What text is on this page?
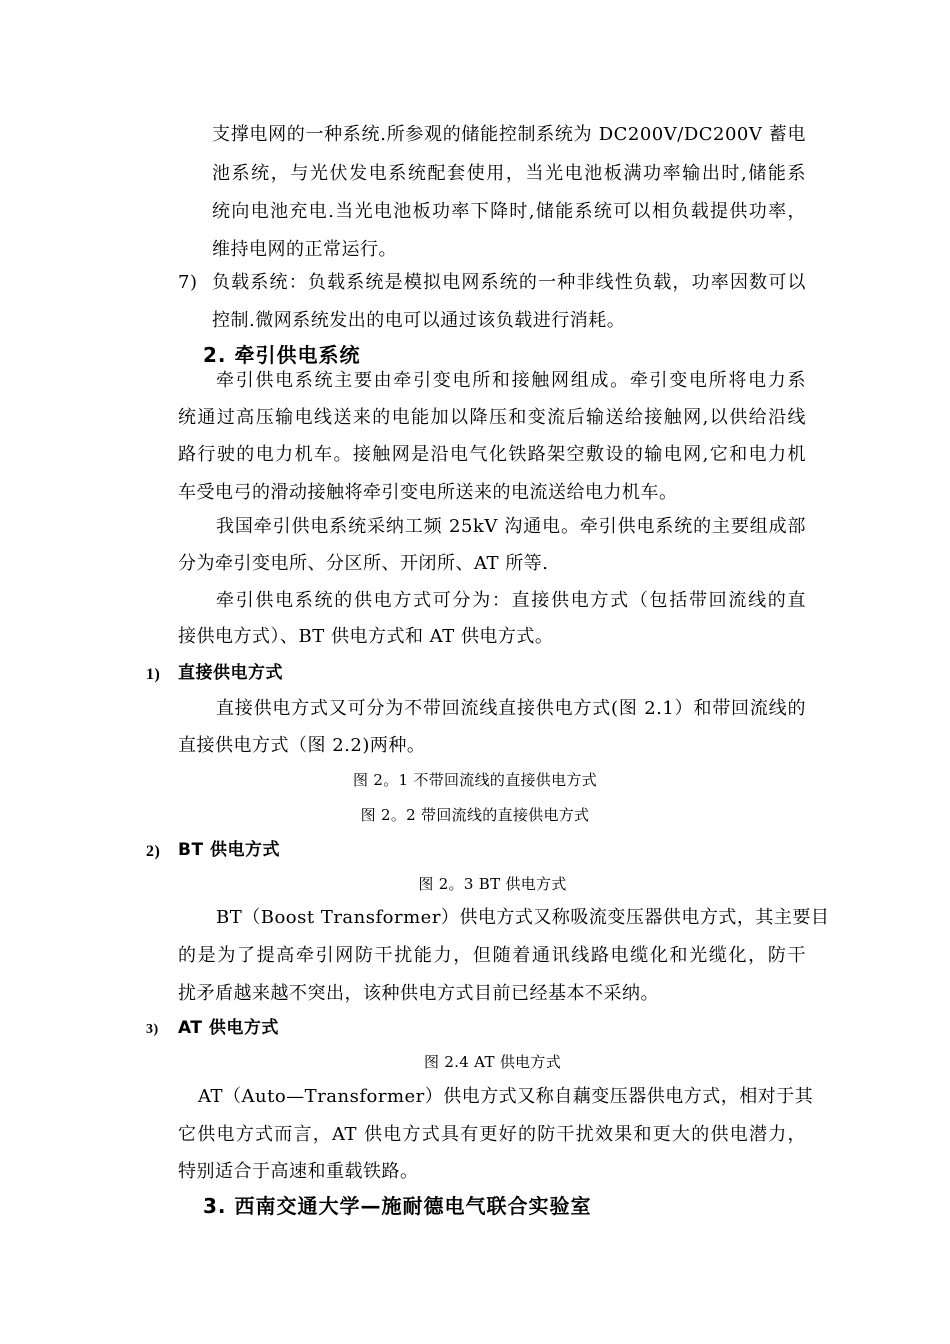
支撑电网的一种系统.所参观的储能控制系统为 DC200V/DC200V 蓄电
池系统，与光伏发电系统配套使用，当光电池板满功率输出时,储能系
统向电池充电.当光电池板功率下降时,储能系统可以相负载提供功率，
维持电网的正常运行。
7) 负载系统：负载系统是模拟电网系统的一种非线性负载，功率因数可以
控制.微网系统发出的电可以通过该负载进行消耗。
2. 牵引供电系统
牵引供电系统主要由牵引变电所和接触网组成。牵引变电所将电力系
统通过高压输电线送来的电能加以降压和变流后输送给接触网,以供给沿线
路行驶的电力机车。接触网是沿电气化铁路架空敷设的输电网,它和电力机
车受电弓的滑动接触将牵引变电所送来的电流送给电力机车。
我国牵引供电系统采纳工频 25kV 沟通电。牵引供电系统的主要组成部
分为牵引变电所、分区所、开闭所、AT 所等.
牵引供电系统的供电方式可分为：直接供电方式（包括带回流线的直
接供电方式）、BT 供电方式和 AT 供电方式。
1) 直接供电方式
直接供电方式又可分为不带回流线直接供电方式(图 2.1）和带回流线的
直接供电方式（图 2.2)两种。
图 2。1 不带回流线的直接供电方式
图 2。2 带回流线的直接供电方式
2) BT 供电方式
图 2。3 BT 供电方式
BT（Boost Transformer）供电方式又称吸流变压器供电方式，其主要目
的是为了提高牵引网防干扰能力，但随着通讯线路电缆化和光缆化，防干
扰矛盾越来越不突出，该种供电方式目前已经基本不采纳。
3) AT 供电方式
图 2.4 AT 供电方式
AT（Auto—Transformer）供电方式又称自藕变压器供电方式，相对于其
它供电方式而言，AT 供电方式具有更好的防干扰效果和更大的供电潜力，
特别适合于高速和重载铁路。
3. 西南交通大学—施耐德电气联合实验室
